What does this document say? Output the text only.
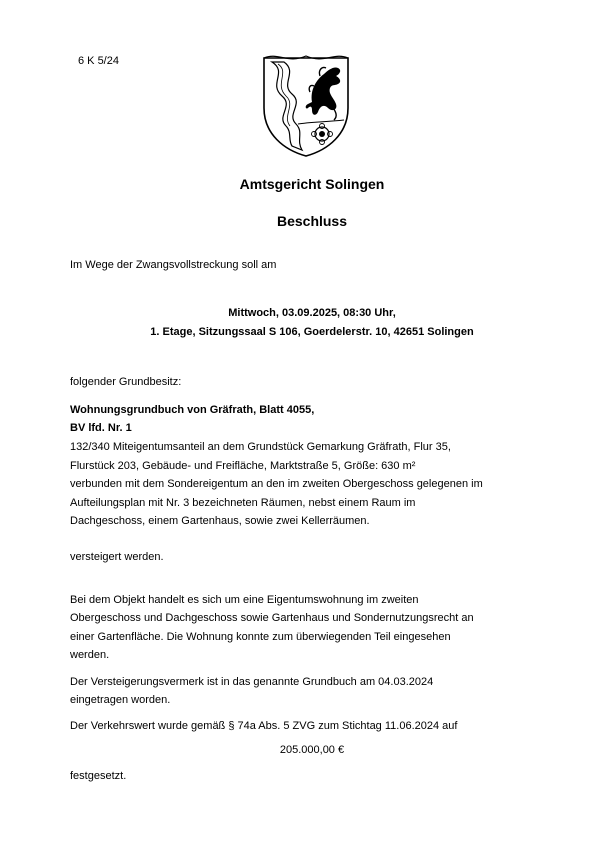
6 K 5/24
Amtsgericht Solingen
Beschluss
Im Wege der Zwangsvollstreckung soll am
Mittwoch, 03.09.2025, 08:30 Uhr,
1. Etage, Sitzungssaal S 106, Goerdelerstr. 10, 42651 Solingen
folgender Grundbesitz:
Wohnungsgrundbuch von Gräfrath, Blatt 4055,
BV lfd. Nr. 1
132/340 Miteigentumsanteil an dem Grundstück Gemarkung Gräfrath, Flur 35,
Flurstück 203, Gebäude- und Freifläche, Marktstraße 5, Größe: 630 m²
verbunden mit dem Sondereigentum an den im zweiten Obergeschoss gelegenen im
Aufteilungsplan mit Nr. 3 bezeichneten Räumen, nebst einem Raum im
Dachgeschoss, einem Gartenhaus, sowie zwei Kellerräumen.
versteigert werden.
Bei dem Objekt handelt es sich um eine Eigentumswohnung im zweiten
Obergeschoss und Dachgeschoss sowie Gartenhaus und Sondernutzungsrecht an
einer Gartenfläche. Die Wohnung konnte zum überwiegenden Teil eingesehen
werden.
Der Versteigerungsvermerk ist in das genannte Grundbuch am 04.03.2024
eingetragen worden.
Der Verkehrswert wurde gemäß § 74a Abs. 5 ZVG zum Stichtag 11.06.2024 auf
205.000,00 €
festgesetzt.
